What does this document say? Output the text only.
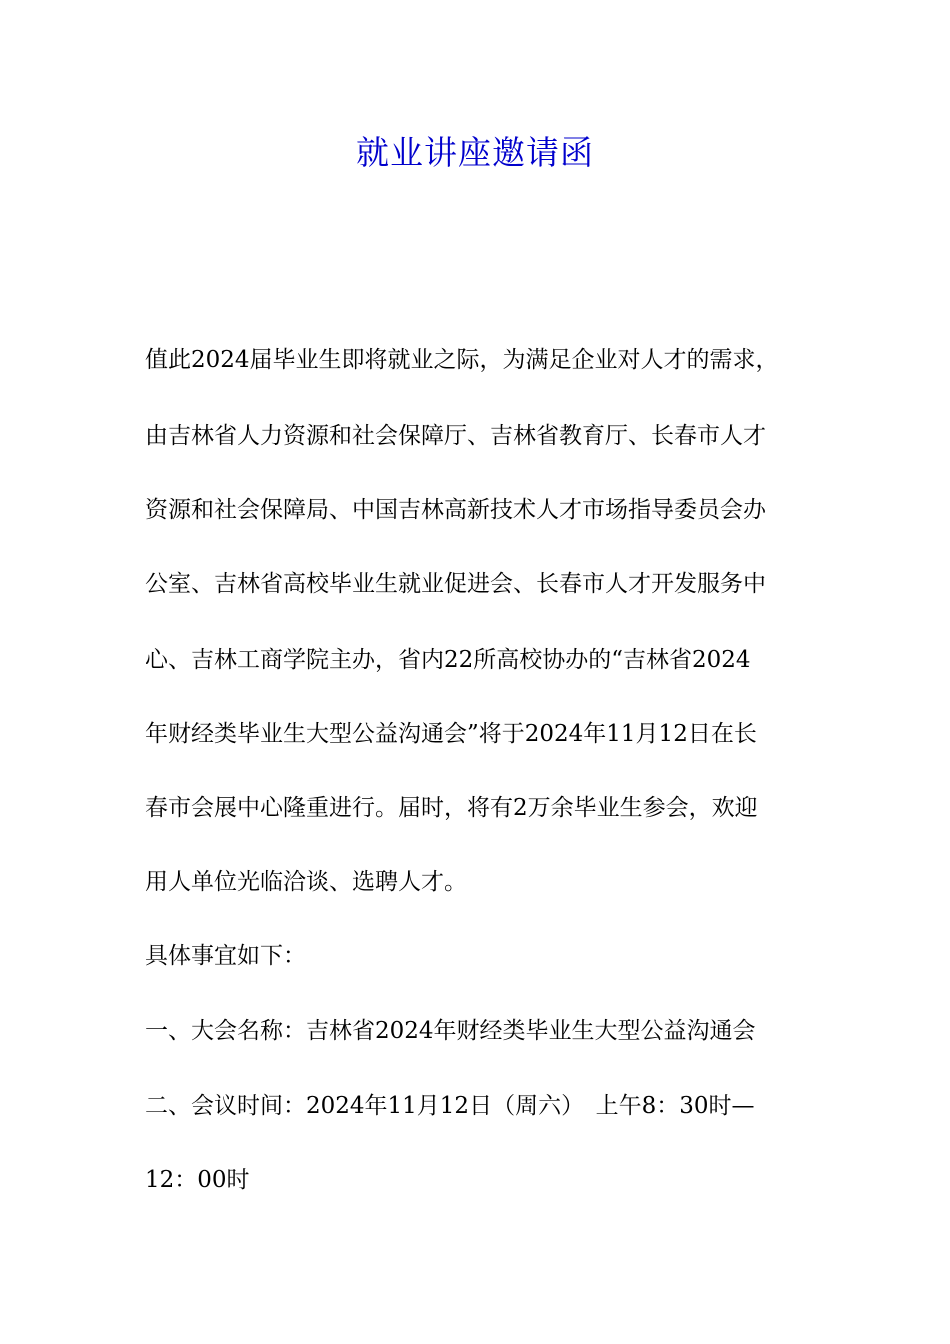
就业讲座邀请函
值此2024届毕业生即将就业之际，为满足企业对人才的需求，
由吉林省人力资源和社会保障厅、吉林省教育厅、长春市人才
资源和社会保障局、中国吉林高新技术人才市场指导委员会办
公室、吉林省高校毕业生就业促进会、长春市人才开发服务中
心、吉林工商学院主办，省内22所高校协办的“吉林省2024
年财经类毕业生大型公益沟通会”将于2024年11月12日在长
春市会展中心隆重进行。届时，将有2万余毕业生参会，欢迎
用人单位光临洽谈、选聘人才。
具体事宜如下：
一、大会名称：吉林省2024年财经类毕业生大型公益沟通会
二、会议时间：2024年11月12日（周六）　上午8：30时—
12：00时
